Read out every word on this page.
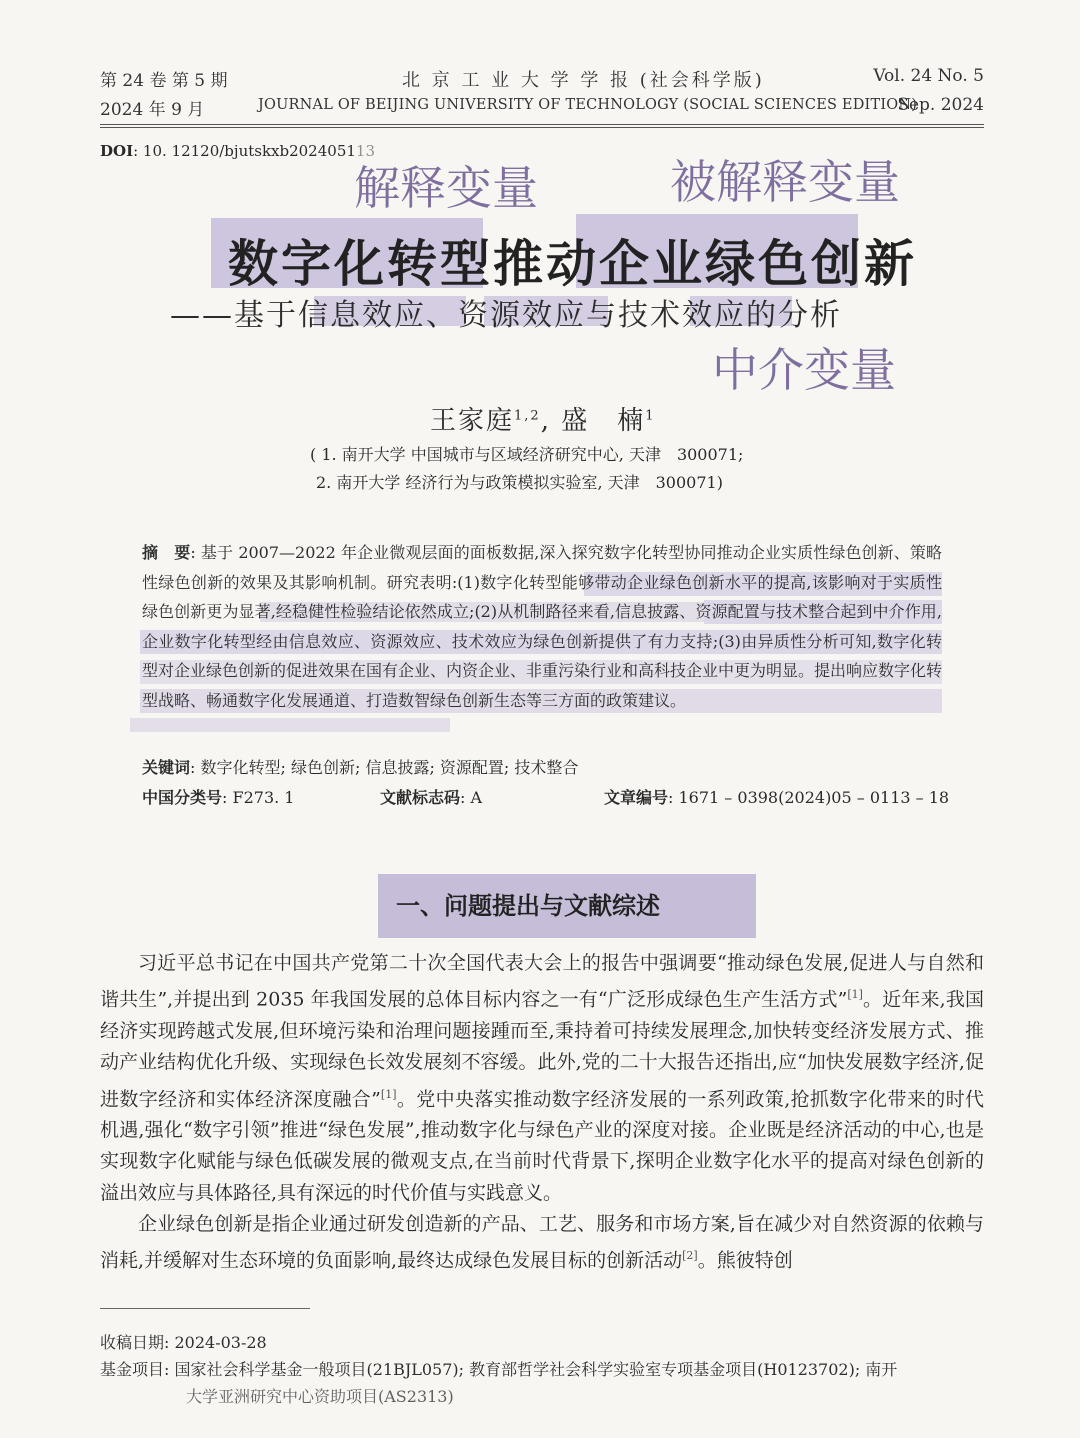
第 24 卷 第 5 期
2024 年 9 月
北 京 工 业 大 学 学 报 (社会科学版)
JOURNAL OF BEIJING UNIVERSITY OF TECHNOLOGY (SOCIAL SCIENCES EDITION)
Vol. 24 No. 5
Sep. 2024
DOI: 10. 12120/bjutskxb202405113
解释变量	被解释变量
中介变量
数字化转型推动企业绿色创新
——基于信息效应、资源效应与技术效应的分析
王家庭$^{1,2}$, 盛　楠$^1$
( 1. 南开大学 中国城市与区域经济研究中心, 天津　300071;
2. 南开大学 经济行为与政策模拟实验室, 天津　300071)
摘　要: 基于 2007—2022 年企业微观层面的面板数据,深入探究数字化转型协同推动企业实质性绿色创新、策略性绿色创新的效果及其影响机制。研究表明:(1)数字化转型能够带动企业绿色创新水平的提高,该影响对于实质性绿色创新更为显著,经稳健性检验结论依然成立;(2)从机制路径来看,信息披露、资源配置与技术整合起到中介作用,企业数字化转型经由信息效应、资源效应、技术效应为绿色创新提供了有力支持;(3)由异质性分析可知,数字化转型对企业绿色创新的促进效果在国有企业、内资企业、非重污染行业和高科技企业中更为明显。提出响应数字化转型战略、畅通数字化发展通道、打造数智绿色创新生态等三方面的政策建议。
关键词: 数字化转型; 绿色创新; 信息披露; 资源配置; 技术整合
中国分类号: F273. 1	文献标志码: A	文章编号: 1671 – 0398(2024)05 – 0113 – 18
一、问题提出与文献综述

习近平总书记在中国共产党第二十次全国代表大会上的报告中强调要“推动绿色发展,促进人与自然和谐共生”,并提出到 2035 年我国发展的总体目标内容之一有“广泛形成绿色生产生活方式”[1]。近年来,我国经济实现跨越式发展,但环境污染和治理问题接踵而至,秉持着可持续发展理念,加快转变经济发展方式、推动产业结构优化升级、实现绿色长效发展刻不容缓。此外,党的二十大报告还指出,应“加快发展数字经济,促进数字经济和实体经济深度融合”[1]。党中央落实推动数字经济发展的一系列政策,抢抓数字化带来的时代机遇,强化“数字引领”推进“绿色发展”,推动数字化与绿色产业的深度对接。企业既是经济活动的中心,也是实现数字化赋能与绿色低碳发展的微观支点,在当前时代背景下,探明企业数字化水平的提高对绿色创新的溢出效应与具体路径,具有深远的时代价值与实践意义。

企业绿色创新是指企业通过研发创造新的产品、工艺、服务和市场方案,旨在减少对自然资源的依赖与消耗,并缓解对生态环境的负面影响,最终达成绿色发展目标的创新活动[2]。熊彼特创

收稿日期: 2024-03-28
基金项目: 国家社会科学基金一般项目(21BJL057); 教育部哲学社会科学实验室专项基金项目(H0123702); 南开
大学亚洲研究中心资助项目(AS2313)
